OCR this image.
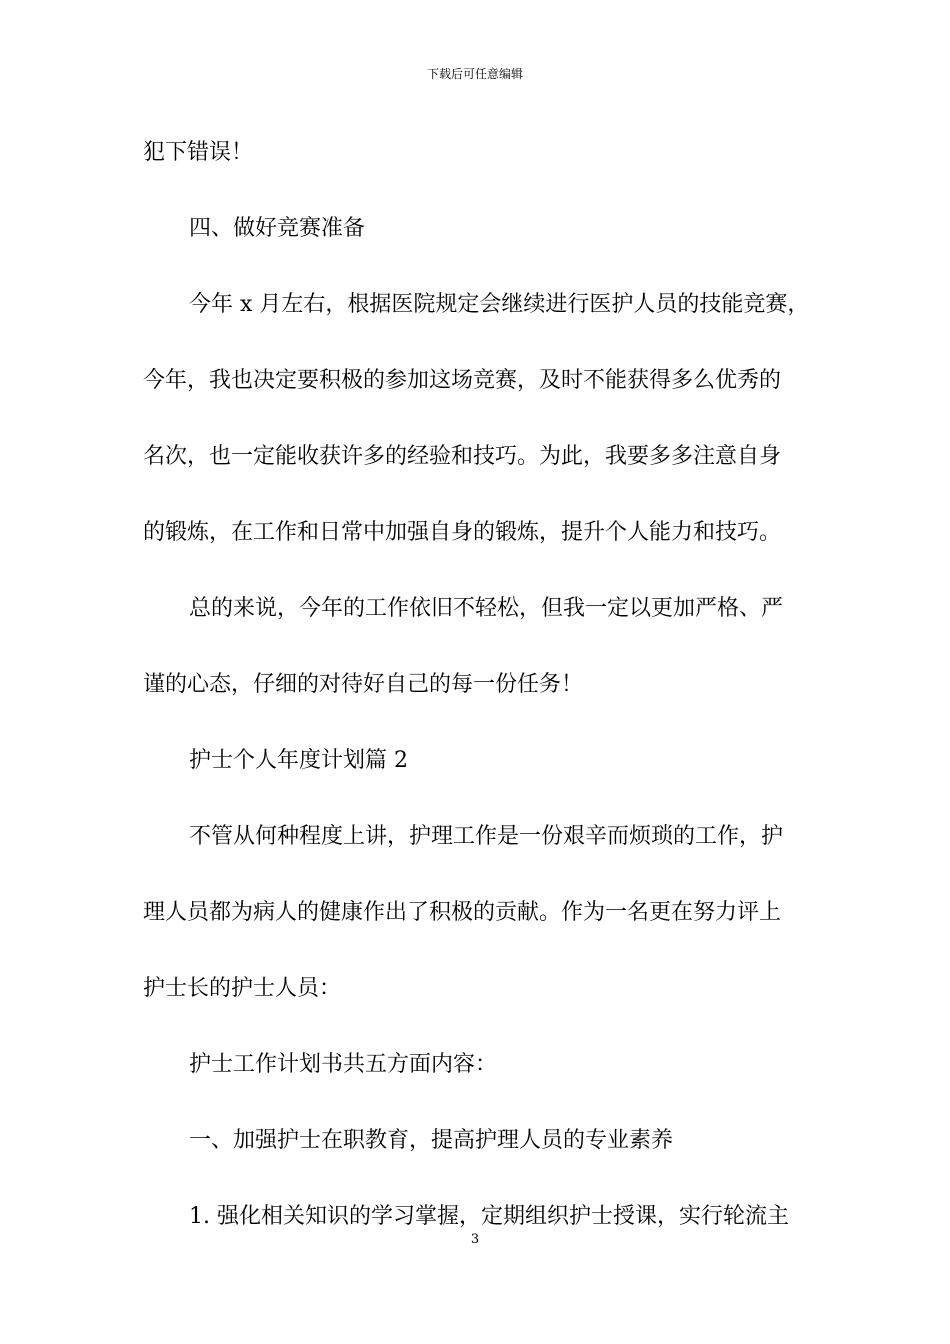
下载后可任意编辑
犯下错误！
四、做好竞赛准备
今年 x 月左右，根据医院规定会继续进行医护人员的技能竞赛，
今年，我也决定要积极的参加这场竞赛，及时不能获得多么优秀的
名次，也一定能收获许多的经验和技巧。为此，我要多多注意自身
的锻炼，在工作和日常中加强自身的锻炼，提升个人能力和技巧。
总的来说，今年的工作依旧不轻松，但我一定以更加严格、严
谨的心态，仔细的对待好自己的每一份任务！
护士个人年度计划篇 2
不管从何种程度上讲，护理工作是一份艰辛而烦琐的工作，护
理人员都为病人的健康作出了积极的贡献。作为一名更在努力评上
护士长的护士人员：
护士工作计划书共五方面内容：
一、加强护士在职教育，提高护理人员的专业素养
1. 强化相关知识的学习掌握，定期组织护士授课，实行轮流主
3
